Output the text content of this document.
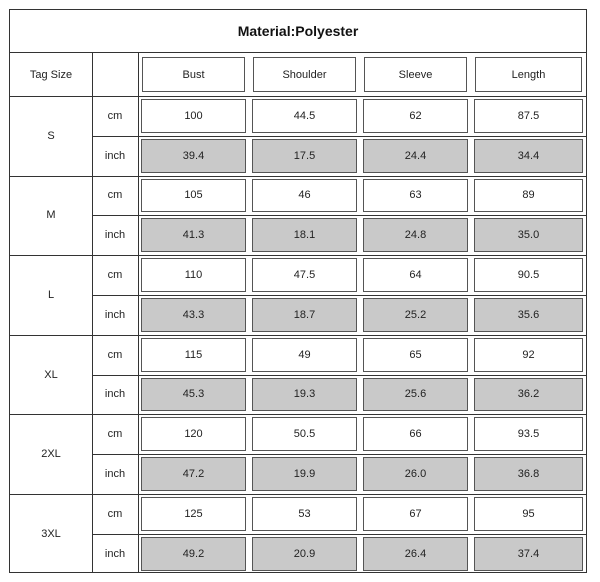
Material:Polyester
Tag Size	Bust	Shoulder	Sleeve	Length
S
cm	100	44.5	62	87.5
inch	39.4	17.5	24.4	34.4
M
cm	105	46	63	89
inch	41.3	18.1	24.8	35.0
L
cm	110	47.5	64	90.5
inch	43.3	18.7	25.2	35.6
XL
cm	115	49	65	92
inch	45.3	19.3	25.6	36.2
2XL
cm	120	50.5	66	93.5
inch	47.2	19.9	26.0	36.8
3XL
cm	125	53	67	95
inch	49.2	20.9	26.4	37.4
